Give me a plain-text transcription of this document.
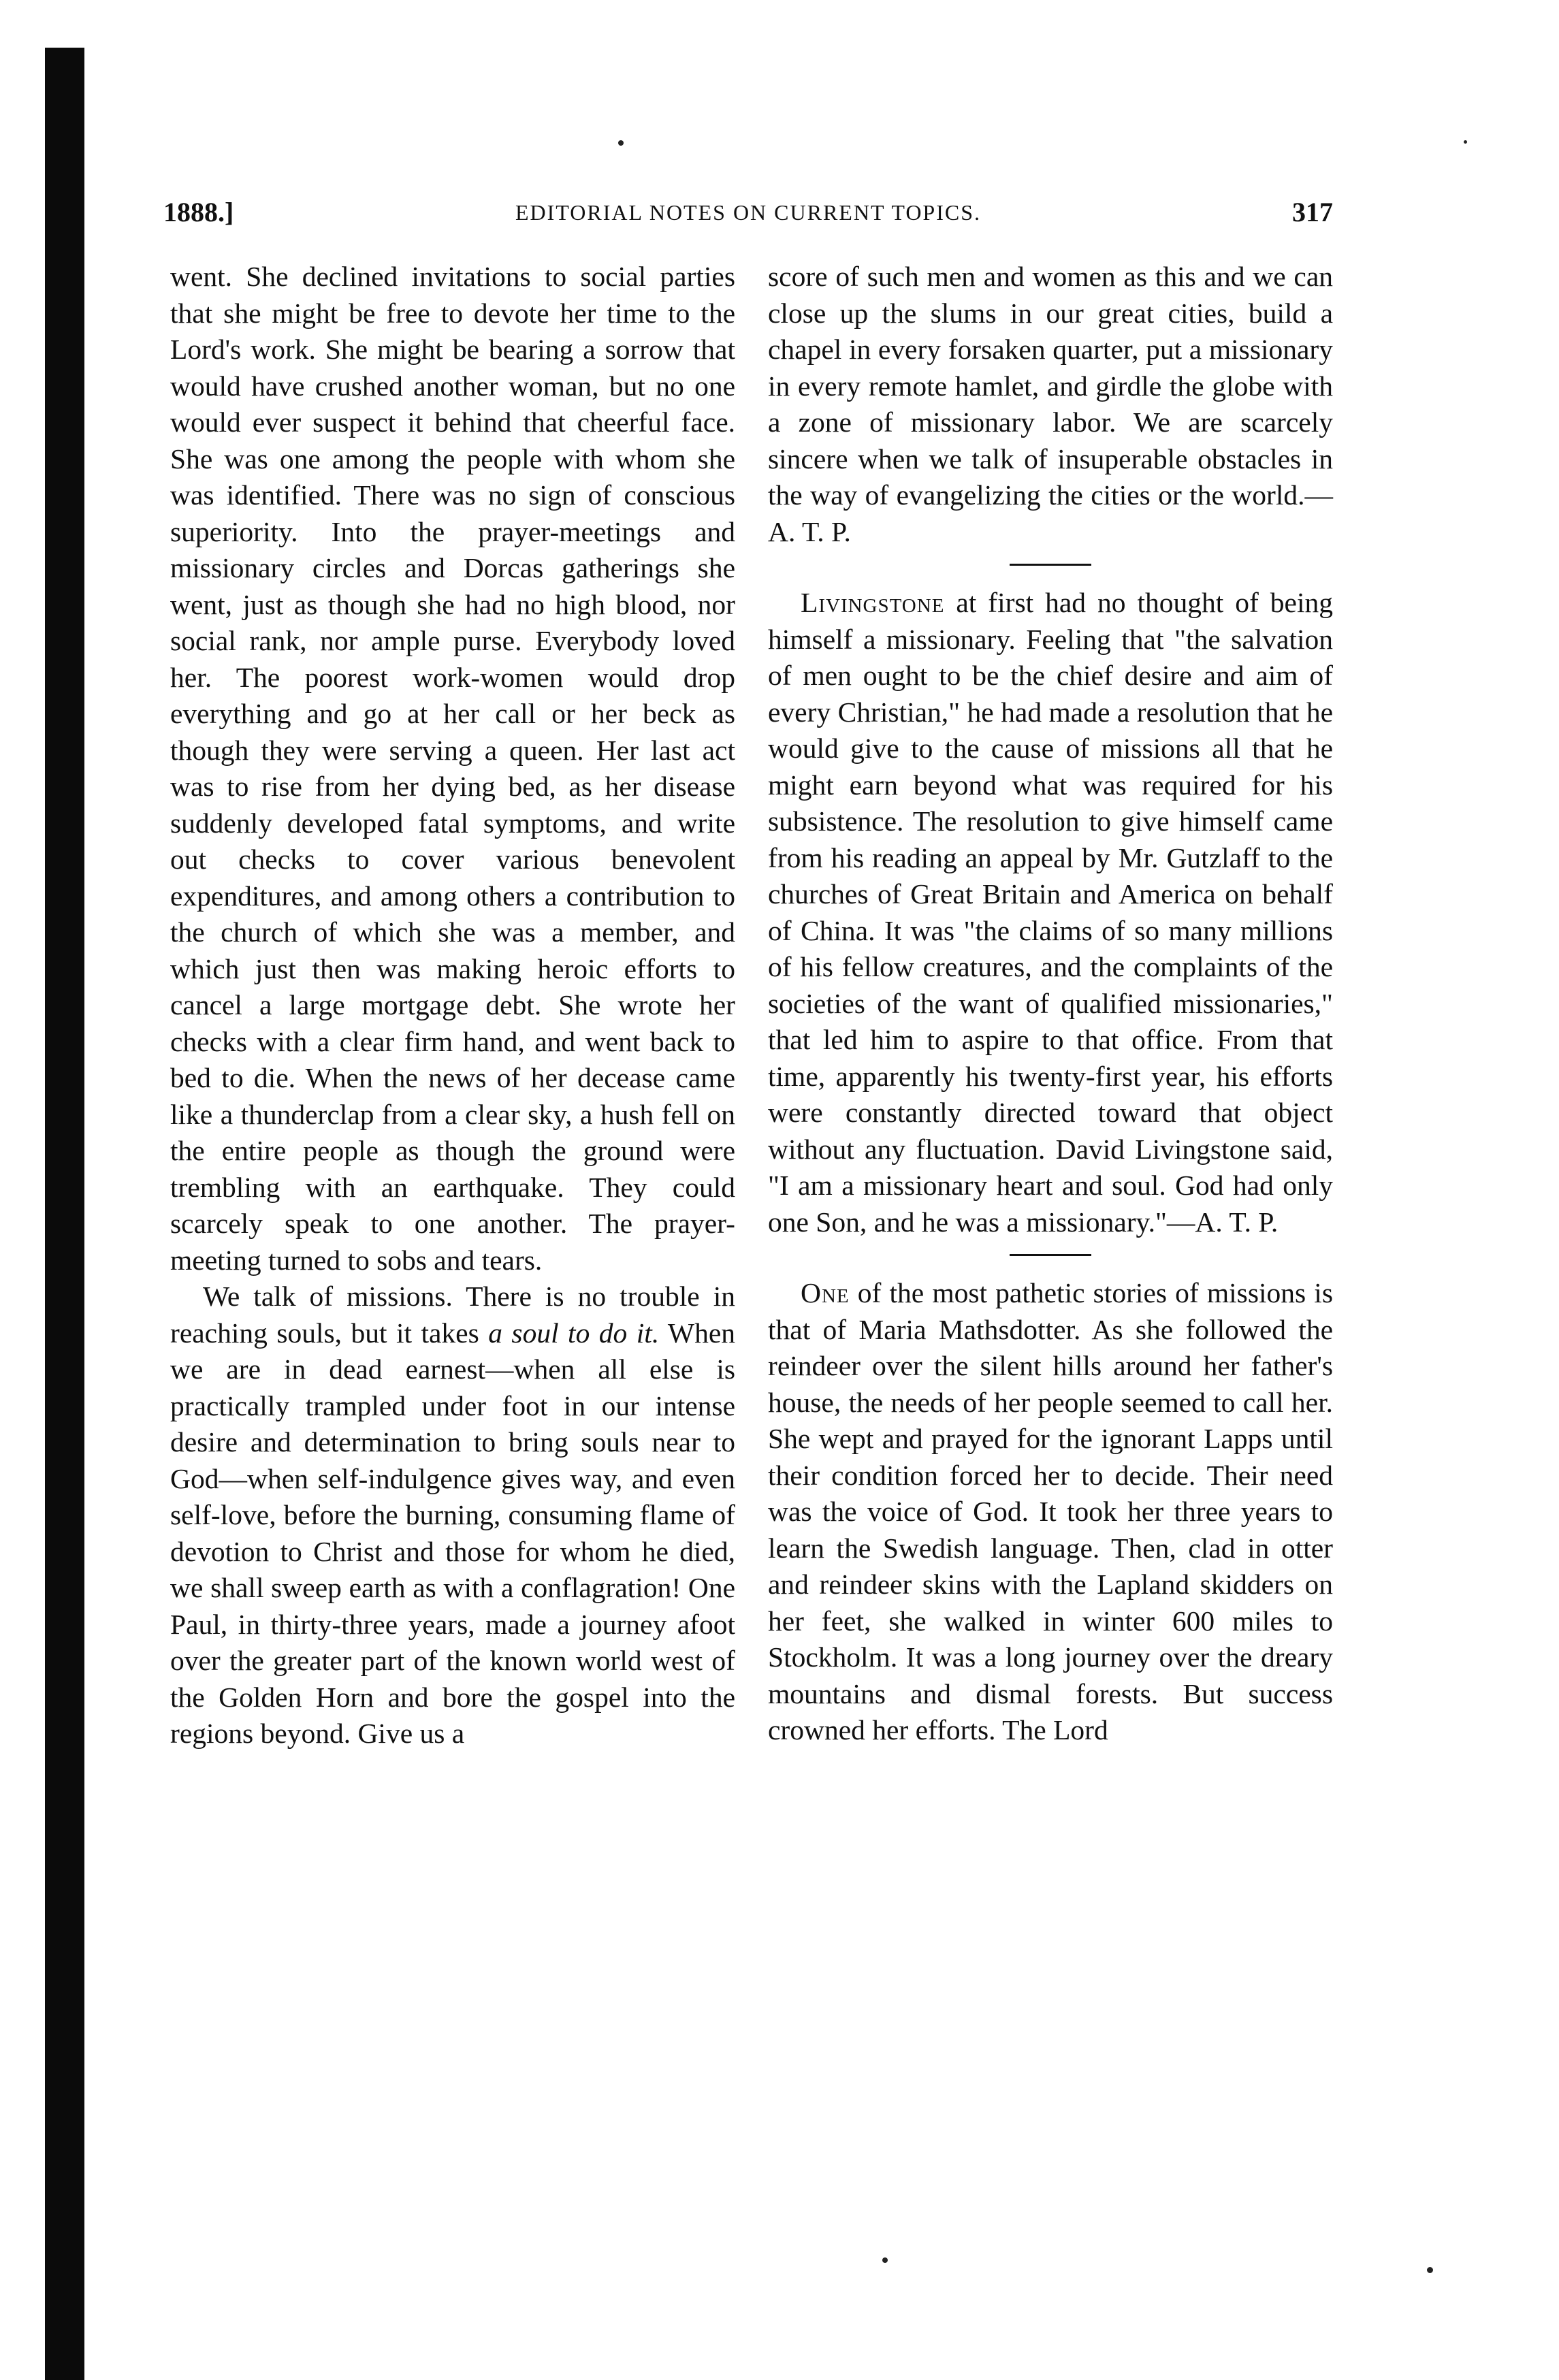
1888.]	EDITORIAL NOTES ON CURRENT TOPICS.	317

went. She declined invitations to social parties that she might be free to devote her time to the Lord's work. She might be bearing a sorrow that would have crushed another woman, but no one would ever suspect it behind that cheerful face. She was one among the people with whom she was identified. There was no sign of conscious superiority. Into the prayer-meetings and missionary circles and Dorcas gatherings she went, just as though she had no high blood, nor social rank, nor ample purse. Everybody loved her. The poorest work-women would drop everything and go at her call or her beck as though they were serving a queen. Her last act was to rise from her dying bed, as her disease suddenly developed fatal symptoms, and write out checks to cover various benevolent expenditures, and among others a contribution to the church of which she was a member, and which just then was making heroic efforts to cancel a large mortgage debt. She wrote her checks with a clear firm hand, and went back to bed to die. When the news of her decease came like a thunderclap from a clear sky, a hush fell on the entire people as though the ground were trembling with an earthquake. They could scarcely speak to one another. The prayer-meeting turned to sobs and tears.

We talk of missions. There is no trouble in reaching souls, but it takes a soul to do it. When we are in dead earnest—when all else is practically trampled under foot in our intense desire and determination to bring souls near to God—when self-indulgence gives way, and even self-love, before the burning, consuming flame of devotion to Christ and those for whom he died, we shall sweep earth as with a conflagration! One Paul, in thirty-three years, made a journey afoot over the greater part of the known world west of the Golden Horn and bore the gospel into the regions beyond. Give us a

score of such men and women as this and we can close up the slums in our great cities, build a chapel in every forsaken quarter, put a missionary in every remote hamlet, and girdle the globe with a zone of missionary labor. We are scarcely sincere when we talk of insuperable obstacles in the way of evangelizing the cities or the world.—A. T. P.

Livingstone at first had no thought of being himself a missionary. Feeling that "the salvation of men ought to be the chief desire and aim of every Christian," he had made a resolution that he would give to the cause of missions all that he might earn beyond what was required for his subsistence. The resolution to give himself came from his reading an appeal by Mr. Gutzlaff to the churches of Great Britain and America on behalf of China. It was "the claims of so many millions of his fellow creatures, and the complaints of the societies of the want of qualified missionaries," that led him to aspire to that office. From that time, apparently his twenty-first year, his efforts were constantly directed toward that object without any fluctuation. David Livingstone said, "I am a missionary heart and soul. God had only one Son, and he was a missionary."—A. T. P.

One of the most pathetic stories of missions is that of Maria Mathsdotter. As she followed the reindeer over the silent hills around her father's house, the needs of her people seemed to call her. She wept and prayed for the ignorant Lapps until their condition forced her to decide. Their need was the voice of God. It took her three years to learn the Swedish language. Then, clad in otter and reindeer skins with the Lapland skidders on her feet, she walked in winter 600 miles to Stockholm. It was a long journey over the dreary mountains and dismal forests. But success crowned her efforts. The Lord
